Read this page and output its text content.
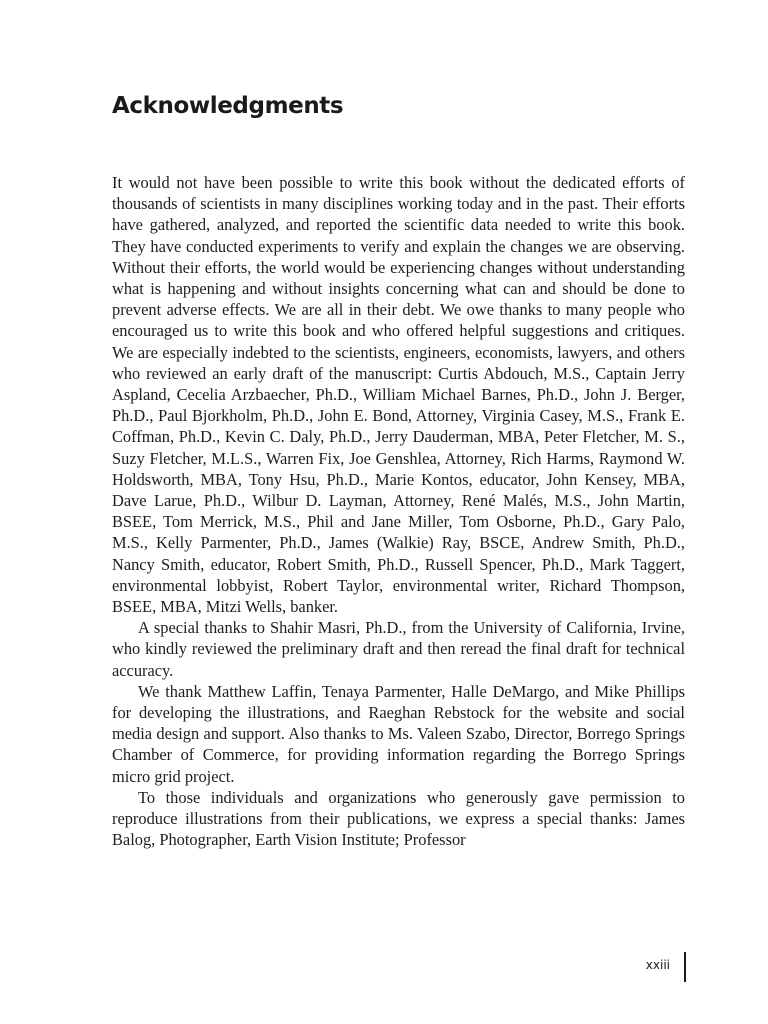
Acknowledgments

It would not have been possible to write this book without the dedicated efforts of thousands of scientists in many disciplines working today and in the past. Their efforts have gathered, analyzed, and reported the scientific data needed to write this book. They have conducted experiments to verify and explain the changes we are observing. Without their efforts, the world would be experiencing changes without understanding what is happening and without insights concerning what can and should be done to prevent adverse effects. We are all in their debt. We owe thanks to many people who encouraged us to write this book and who offered helpful suggestions and critiques. We are especially indebted to the scientists, engineers, economists, lawyers, and others who reviewed an early draft of the manuscript: Curtis Abdouch, M.S., Captain Jerry Aspland, Cecelia Arzbaecher, Ph.D., William Michael Barnes, Ph.D., John J. Berger, Ph.D., Paul Bjorkholm, Ph.D., John E. Bond, Attorney, Virginia Casey, M.S., Frank E. Coffman, Ph.D., Kevin C. Daly, Ph.D., Jerry Dauderman, MBA, Peter Fletcher, M. S., Suzy Fletcher, M.L.S., Warren Fix, Joe Genshlea, Attorney, Rich Harms, Raymond W. Holdsworth, MBA, Tony Hsu, Ph.D., Marie Kontos, educator, John Kensey, MBA, Dave Larue, Ph.D., Wilbur D. Layman, Attorney, René Malés, M.S., John Martin, BSEE, Tom Merrick, M.S., Phil and Jane Miller, Tom Osborne, Ph.D., Gary Palo, M.S., Kelly Parmenter, Ph.D., James (Walkie) Ray, BSCE, Andrew Smith, Ph.D., Nancy Smith, educator, Robert Smith, Ph.D., Russell Spencer, Ph.D., Mark Taggert, environmental lobbyist, Robert Taylor, environmental writer, Richard Thompson, BSEE, MBA, Mitzi Wells, banker.

A special thanks to Shahir Masri, Ph.D., from the University of California, Irvine, who kindly reviewed the preliminary draft and then reread the final draft for technical accuracy.

We thank Matthew Laffin, Tenaya Parmenter, Halle DeMargo, and Mike Phillips for developing the illustrations, and Raeghan Rebstock for the website and social media design and support. Also thanks to Ms. Valeen Szabo, Director, Borrego Springs Chamber of Commerce, for providing information regarding the Borrego Springs micro grid project.

To those individuals and organizations who generously gave permission to reproduce illustrations from their publications, we express a special thanks: James Balog, Photographer, Earth Vision Institute; Professor

xxiii
